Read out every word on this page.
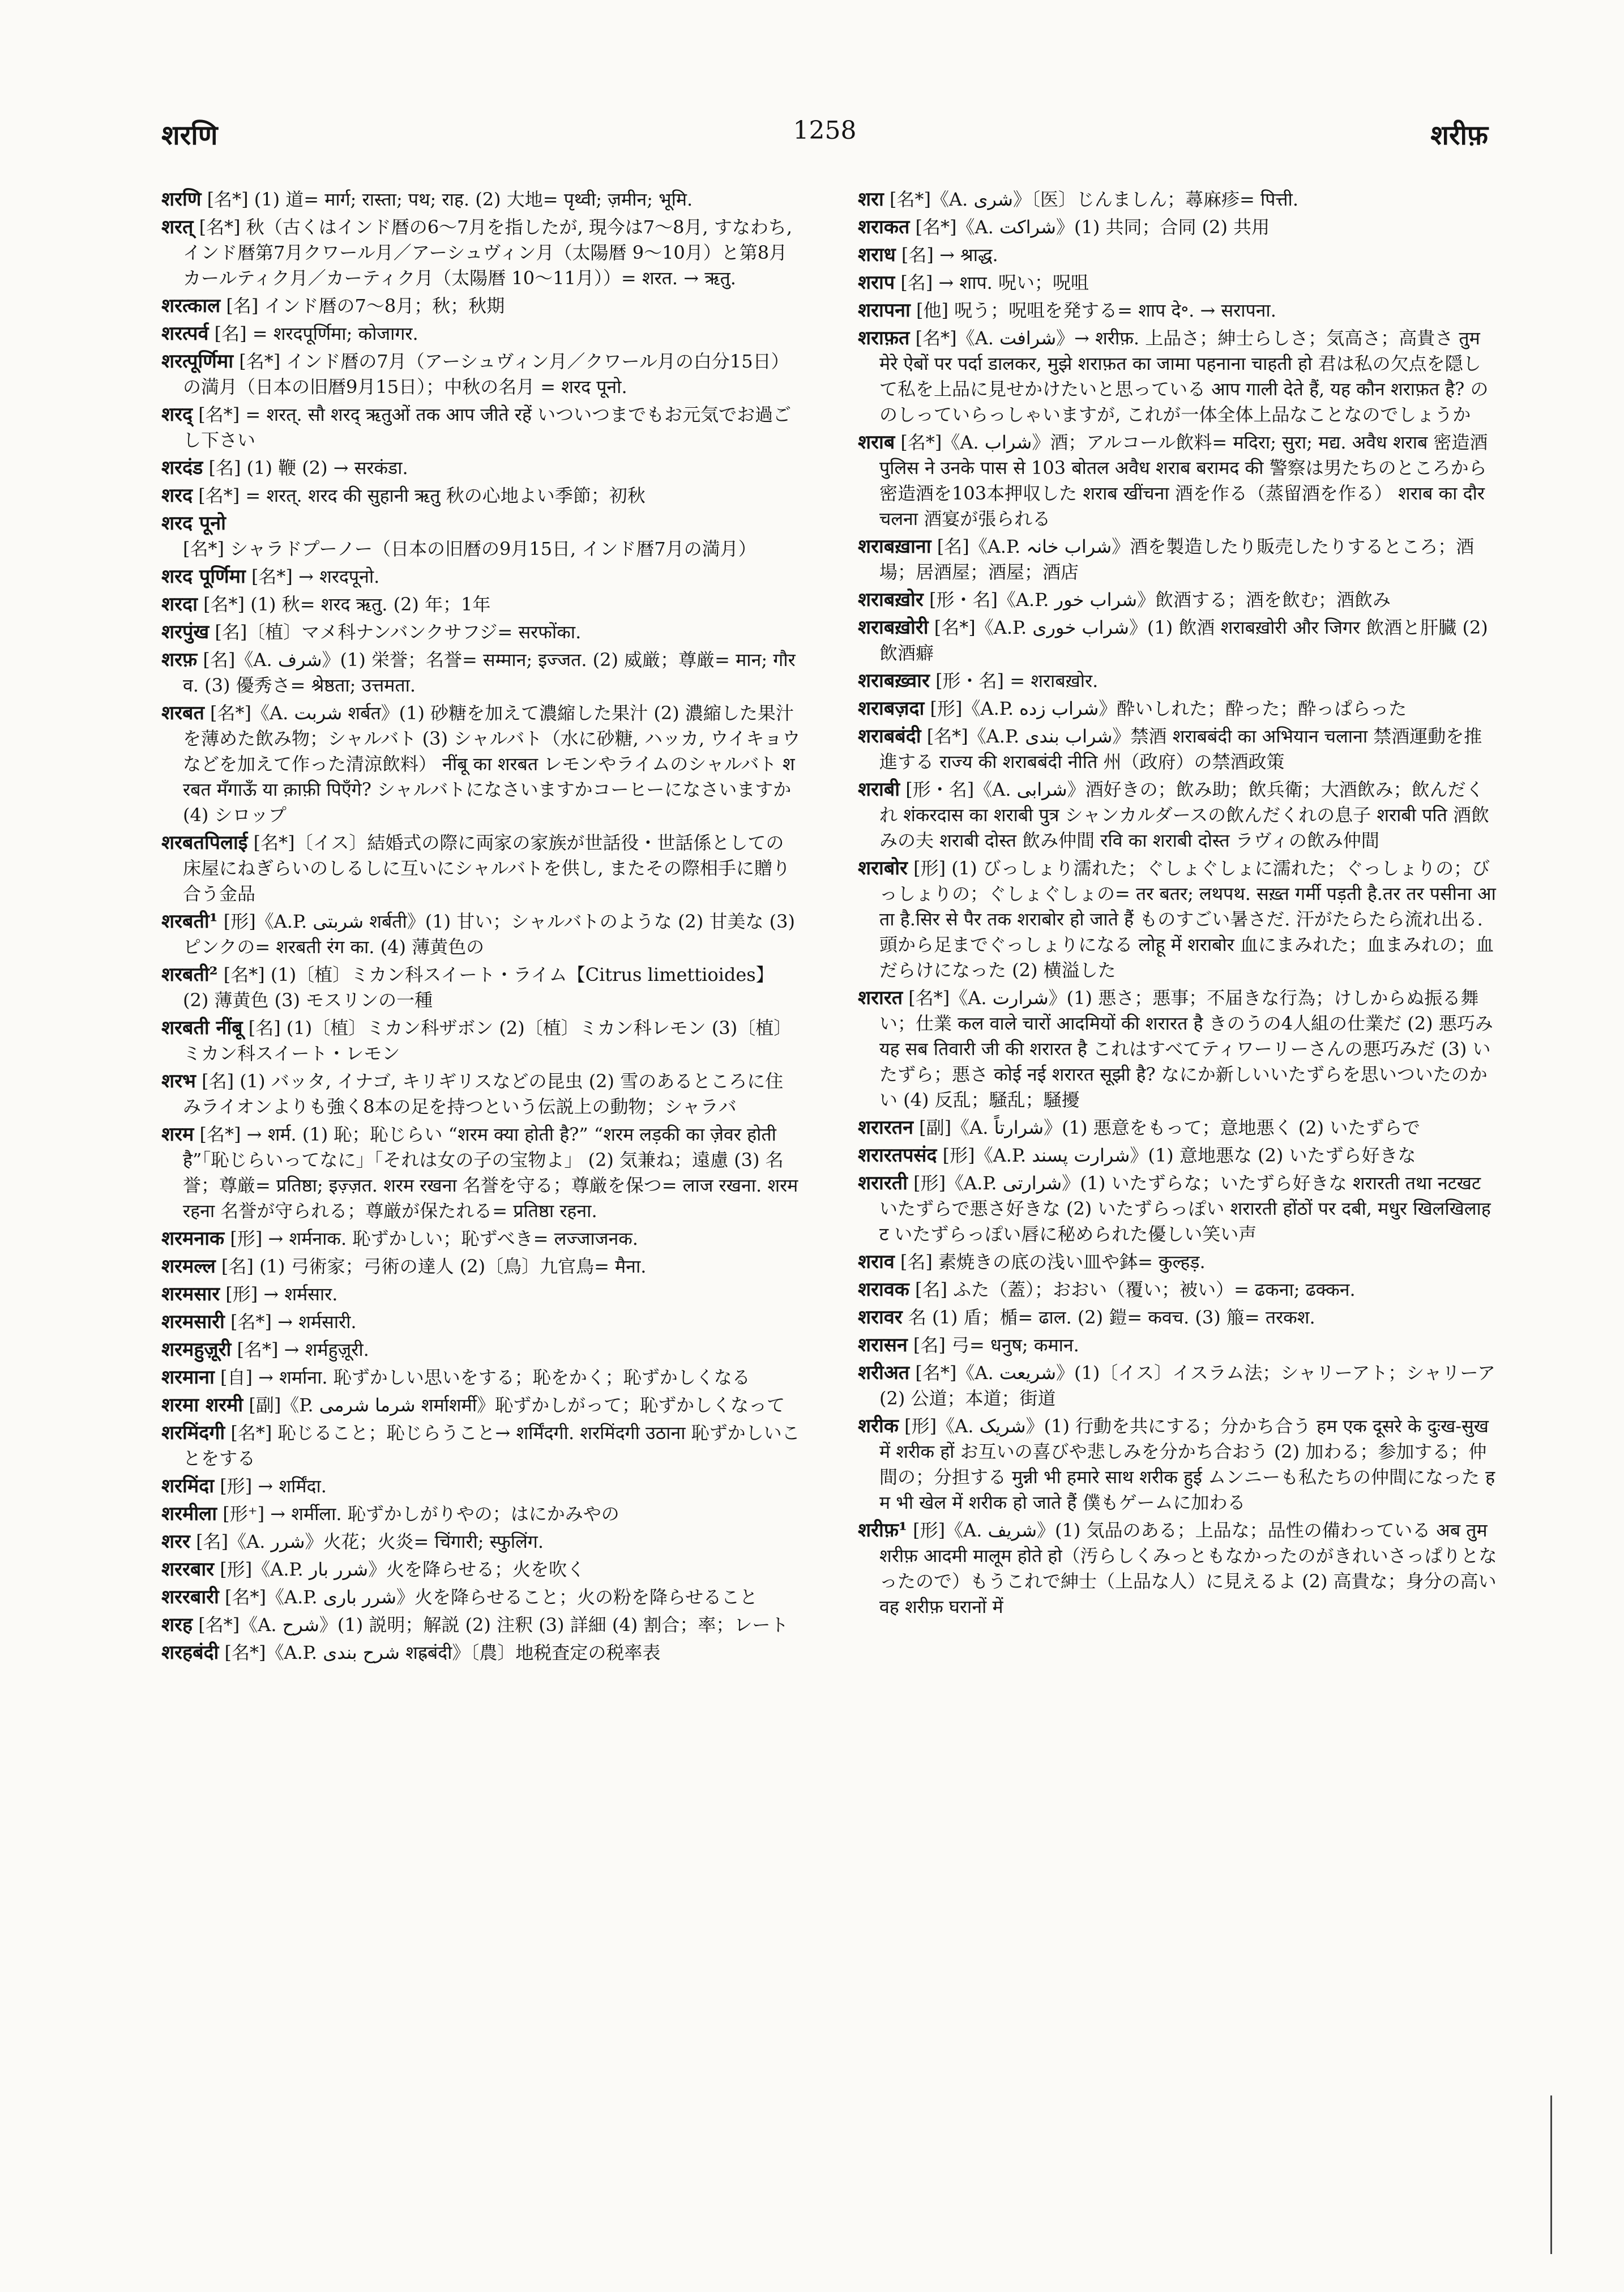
शरणि	1258	शरीफ़
शरणि [名*] (1) 道= मार्ग; रास्ता; पथ; राह. (2) 大地= पृथ्वी; ज़मीन; भूमि.
शरत् [名*] 秋（古くはインド暦の6〜7月を指したが, 現今は7〜8月, すなわち, インド暦第7月クワール月／アーシュヴィン月（太陽暦 9〜10月）と第8月カールティク月／カーティク月（太陽暦 10〜11月））= शरत. → ऋतु.
शरत्काल [名] インド暦の7〜8月；秋；秋期
शरत्पर्व [名] = शरदपूर्णिमा; कोजागर.
शरत्पूर्णिमा [名*] インド暦の7月（アーシュヴィン月／クワール月の白分15日）の満月（日本の旧暦9月15日）；中秋の名月 = शरद पूनो.
शरद् [名*] = शरत्. सौ शरद् ऋतुओं तक आप जीते रहें いついつまでもお元気でお過ごし下さい
शरदंड [名] (1) 鞭 (2) → सरकंडा.
शरद [名*] = शरत्. शरद की सुहानी ऋतु 秋の心地よい季節；初秋
शरद पूनो [名*] シャラドプーノー（日本の旧暦の9月15日, インド暦7月の満月）
शरद पूर्णिमा [名*] → शरदपूनो.
शरदा [名*] (1) 秋= शरद ऋतु. (2) 年；1年
शरपुंख [名]〔植〕マメ科ナンバンクサフジ= सरफोंका.
शरफ़ [名]《A. شرف》(1) 栄誉；名誉= सम्मान; इज्जत. (2) 威厳；尊厳= मान; गौरव. (3) 優秀さ= श्रेष्ठता; उत्तमता.
शरबत [名*]《A. شربت शर्बत》(1) 砂糖を加えて濃縮した果汁 (2) 濃縮した果汁を薄めた飲み物；シャルバト (3) シャルバト（水に砂糖, ハッカ, ウイキョウなどを加えて作った清涼飲料） नींबू का शरबत レモンやライムのシャルバト शरबत मँगाऊँ या क़ाफ़ी पिएँगे? シャルバトになさいますかコーヒーになさいますか (4) シロップ
शरबतपिलाई [名*]〔イス〕結婚式の際に両家の家族が世話役・世話係としての床屋にねぎらいのしるしに互いにシャルバトを供し, またその際相手に贈り合う金品
शरबती¹ [形]《A.P. شربتی शर्बती》(1) 甘い；シャルバトのような (2) 甘美な (3) ピンクの= शरबती रंग का. (4) 薄黄色の
शरबती² [名*] (1)〔植〕ミカン科スイート・ライム【Citrus limettioides】 (2) 薄黄色 (3) モスリンの一種
शरबती नींबू [名] (1)〔植〕ミカン科ザボン (2)〔植〕ミカン科レモン (3)〔植〕ミカン科スイート・レモン
शरभ [名] (1) バッタ, イナゴ, キリギリスなどの昆虫 (2) 雪のあるところに住みライオンよりも強く8本の足を持つという伝説上の動物；シャラバ
शरम [名*] → शर्म. (1) 恥；恥じらい “शरम क्या होती है?” “शरम लड़की का ज़ेवर होती है”「恥じらいってなに」「それは女の子の宝物よ」 (2) 気兼ね；遠慮 (3) 名誉；尊厳= प्रतिष्ठा; इज़्ज़त. शरम रखना 名誉を守る；尊厳を保つ= लाज रखना. शरम रहना 名誉が守られる；尊厳が保たれる= प्रतिष्ठा रहना.
शरमनाक [形] → शर्मनाक. 恥ずかしい；恥ずべき= लज्जाजनक.
शरमल्ल [名] (1) 弓術家；弓術の達人 (2)〔鳥〕九官鳥= मैना.
शरमसार [形] → शर्मसार.
शरमसारी [名*] → शर्मसारी.
शरमहुज़ूरी [名*] → शर्महुज़ूरी.
शरमाना [自] → शर्माना. 恥ずかしい思いをする；恥をかく；恥ずかしくなる
शरमा शरमी [副]《P. شرما شرمی शर्माशर्मी》恥ずかしがって；恥ずかしくなって
शरमिंदगी [名*] 恥じること；恥じらうこと→ शर्मिंदगी. शरमिंदगी उठाना 恥ずかしいことをする
शरमिंदा [形] → शर्मिंदा.
शरमीला [形⁺] → शर्मीला. 恥ずかしがりやの；はにかみやの
शरर [名]《A. شرر》火花；火炎= चिंगारी; स्फुलिंग.
शररबार [形]《A.P. شرر بار》火を降らせる；火を吹く
शररबारी [名*]《A.P. شرر باری》火を降らせること；火の粉を降らせること
शरह [名*]《A. شرح》(1) 説明；解説 (2) 注釈 (3) 詳細 (4) 割合；率；レート
शरहबंदी [名*]《A.P. شرح بندی शह्रबंदी》〔農〕地税査定の税率表
शरा [名*]《A. شری》〔医〕じんましん；蕁麻疹= पित्ती.
शराकत [名*]《A. شراکت》(1) 共同；合同 (2) 共用
शराध [名] → श्राद्ध.
शराप [名] → शाप. 呪い；呪咀
शरापना [他] 呪う；呪咀を発する= शाप दे॰. → सरापना.
शराफ़त [名*]《A. شرافت》→ शरीफ़. 上品さ；紳士らしさ；気高さ；高貴さ तुम मेरे ऐबों पर पर्दा डालकर, मुझे शराफ़त का जामा पहनाना चाहती हो 君は私の欠点を隠して私を上品に見せかけたいと思っている आप गाली देते हैं, यह कौन शराफ़त है? ののしっていらっしゃいますが, これが一体全体上品なことなのでしょうか
शराब [名*]《A. شراب》酒；アルコール飲料= मदिरा; सुरा; मद्य. अवैध शराब 密造酒 पुलिस ने उनके पास से 103 बोतल अवैध शराब बरामद की 警察は男たちのところから密造酒を103本押収した शराब खींचना 酒を作る（蒸留酒を作る） शराब का दौर चलना 酒宴が張られる
शराबख़ाना [名]《A.P. شراب خانہ》酒を製造したり販売したりするところ；酒場；居酒屋；酒屋；酒店
शराबख़ोर [形・名]《A.P. شراب خور》飲酒する；酒を飲む；酒飲み
शराबख़ोरी [名*]《A.P. شراب خوری》(1) 飲酒 शराबख़ोरी और जिगर 飲酒と肝臓 (2) 飲酒癖
शराबख़्वार [形・名] = शराबख़ोर.
शराबज़दा [形]《A.P. شراب زده》酔いしれた；酔った；酔っぱらった
शराबबंदी [名*]《A.P. شراب بندی》禁酒 शराबबंदी का अभियान चलाना 禁酒運動を推進する राज्य की शराबबंदी नीति 州（政府）の禁酒政策
शराबी [形・名]《A. شرابی》酒好きの；飲み助；飲兵衛；大酒飲み；飲んだくれ शंकरदास का शराबी पुत्र シャンカルダースの飲んだくれの息子 शराबी पति 酒飲みの夫 शराबी दोस्त 飲み仲間 रवि का शराबी दोस्त ラヴィの飲み仲間
शराबोर [形] (1) びっしょり濡れた；ぐしょぐしょに濡れた；ぐっしょりの；びっしょりの；ぐしょぐしょの= तर बतर; लथपथ. सख़्त गर्मी पड़ती है.तर तर पसीना आता है.सिर से पैर तक शराबोर हो जाते हैं ものすごい暑さだ. 汗がたらたら流れ出る. 頭から足までぐっしょりになる लोहू में शराबोर 血にまみれた；血まみれの；血だらけになった (2) 横溢した
शरारत [名*]《A. شرارت》(1) 悪さ；悪事；不届きな行為；けしからぬ振る舞い；仕業 कल वाले चारों आदमियों की शरारत है きのうの4人組の仕業だ (2) 悪巧み यह सब तिवारी जी की शरारत है これはすべてティワーリーさんの悪巧みだ (3) いたずら；悪さ कोई नई शरारत सूझी है? なにか新しいいたずらを思いついたのかい (4) 反乱；騒乱；騒擾
शरारतन [副]《A. شرارتاً》(1) 悪意をもって；意地悪く (2) いたずらで
शरारतपसंद [形]《A.P. شرارت پسند》(1) 意地悪な (2) いたずら好きな
शरारती [形]《A.P. شرارتی》(1) いたずらな；いたずら好きな शरारती तथा नटखट いたずらで悪さ好きな (2) いたずらっぽい शरारती होंठों पर दबी, मधुर खिलखिलाहट いたずらっぽい唇に秘められた優しい笑い声
शराव [名] 素焼きの底の浅い皿や鉢= कुल्हड़.
शरावक [名] ふた（蓋）；おおい（覆い；被い）= ढकना; ढक्कन.
शरावर 名 (1) 盾；楯= ढाल. (2) 鎧= कवच. (3) 箙= तरकश.
शरासन [名] 弓= धनुष; कमान.
शरीअत [名*]《A. شریعت》(1)〔イス〕イスラム法；シャリーアト；シャリーア (2) 公道；本道；街道
शरीक [形]《A. شریک》(1) 行動を共にする；分かち合う हम एक दूसरे के दुःख-सुख में शरीक हों お互いの喜びや悲しみを分かち合おう (2) 加わる；参加する；仲間の；分担する मुन्नी भी हमारे साथ शरीक हुई ムンニーも私たちの仲間になった हम भी खेल में शरीक हो जाते हैं 僕もゲームに加わる
शरीफ़¹ [形]《A. شریف》(1) 気品のある；上品な；品性の備わっている अब तुम शरीफ़ आदमी मालूम होते हो（汚らしくみっともなかったのがきれいさっぱりとなったので）もうこれで紳士（上品な人）に見えるよ (2) 高貴な；身分の高い वह शरीफ़ घरानों में
